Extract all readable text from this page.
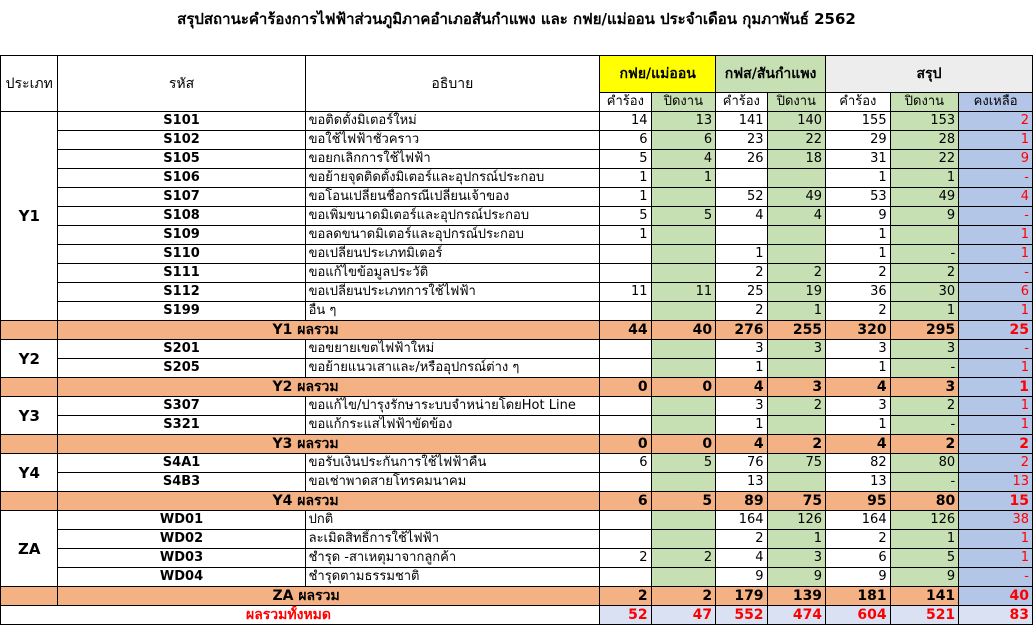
สรุปสถานะคำร้องการไฟฟ้าส่วนภูมิภาคอำเภอสันกำแพง และ กฟย/แม่ออน ประจำเดือน กุมภาพันธ์ 2562									

ประเภท	รหัส	อธิบาย	กฟย/แม่ออน		กฟส/สันกำแพง		สรุป		
			คำร้อง	ปิดงาน	คำร้อง	ปิดงาน	คำร้อง	ปิดงาน	คงเหลือ
Y1	S101	ขอติดตั้งมิเตอร์ใหม่	14	13	141	140	155	153	2
	S102	ขอใช้ไฟฟ้าชั่วคราว	6	6	23	22	29	28	1
	S105	ขอยกเลิกการใช้ไฟฟ้า	5	4	26	18	31	22	9
	S106	ขอย้ายจุดติดตั้งมิเตอร์และอุปกรณ์ประกอบ	1	1			1	1	-
	S107	ขอโอนเปลี่ยนชื่อกรณีเปลี่ยนเจ้าของ	1		52	49	53	49	4
	S108	ขอเพิ่มขนาดมิเตอร์และอุปกรณ์ประกอบ	5	5	4	4	9	9	-
	S109	ขอลดขนาดมิเตอร์และอุปกรณ์ประกอบ	1				1		1
	S110	ขอเปลี่ยนประเภทมิเตอร์			1		1	-	1
	S111	ขอแก้ไขข้อมูลประวัติ			2	2	2	2	-
	S112	ขอเปลี่ยนประเภทการใช้ไฟฟ้า	11	11	25	19	36	30	6
	S199	อื่น ๆ			2	1	2	1	1
	Y1 ผลรวม		44	40	276	255	320	295	25
Y2	S201	ขอขยายเขตไฟฟ้าใหม่			3	3	3	3	-
	S205	ขอย้ายแนวเสาและ/หรืออุปกรณ์ต่าง ๆ			1		1	-	1
	Y2 ผลรวม		0	0	4	3	4	3	1
Y3	S307	ขอแก้ไข/ปารุงรักษาระบบจำหน่ายโดยHot Line			3	2	3	2	1
	S321	ขอแก้กระแสไฟฟ้าขัดข้อง			1		1	-	1
	Y3 ผลรวม		0	0	4	2	4	2	2
Y4	S4A1	ขอรับเงินประกันการใช้ไฟฟ้าคืน	6	5	76	75	82	80	2
	S4B3	ขอเช่าพาดสายโทรคมนาคม			13		13	-	13
	Y4 ผลรวม		6	5	89	75	95	80	15
ZA	WD01	ปกติ			164	126	164	126	38
	WD02	ละเมิดสิทธิ์การใช้ไฟฟ้า			2	1	2	1	1
	WD03	ชำรุด -สาเหตุมาจากลูกค้า	2	2	4	3	6	5	1
	WD04	ชำรุดตามธรรมชาติ			9	9	9	9	-
	ZA ผลรวม		2	2	179	139	181	141	40
ผลรวมทั้งหมด			52	47	552	474	604	521	83
